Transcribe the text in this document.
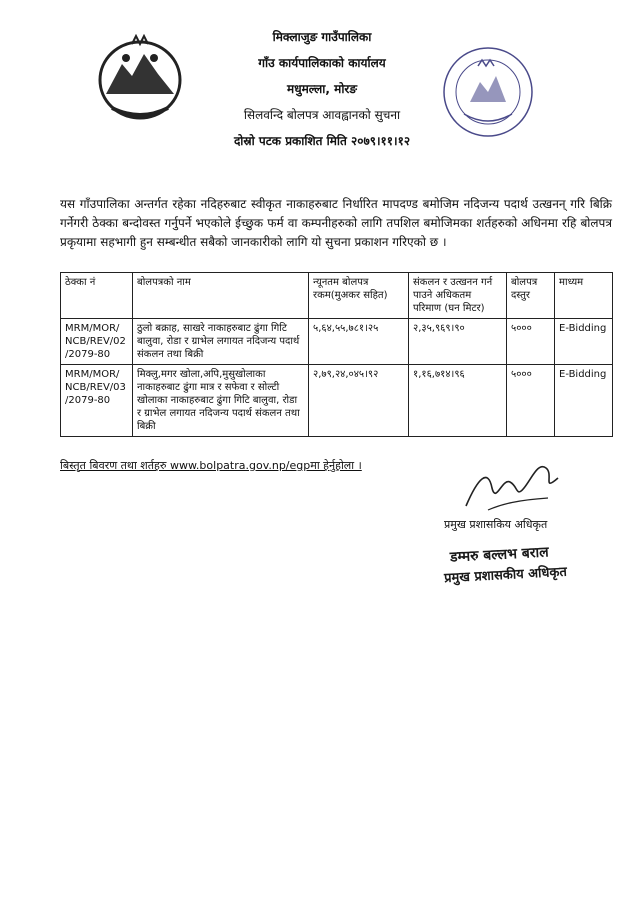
मिक्लाजुङ गाउँपालिका
गाँउ कार्यपालिकाको कार्यालय
मधुमल्ला, मोरङ
सिलवन्दि बोलपत्र आवह्वानको सुचना
दोस्रो पटक प्रकाशित मिति २०७९।११।१२

यस गाँउपालिका अन्तर्गत रहेका नदिहरुबाट स्वीकृत नाकाहरुबाट निर्धारित मापदण्ड बमोजिम नदिजन्य पदार्थ उत्खनन् गरि बिक्रि गर्नेगरी ठेक्का बन्दोवस्त गर्नुपर्ने भएकोले ईच्छुक फर्म वा कम्पनीहरुको लागि तपशिल बमोजिमका शर्तहरुको अधिनमा रहि बोलपत्र प्रकृयामा सहभागी हुन सम्बन्धीत सबैको जानकारीको लागि यो सुचना प्रकाशन गरिएको छ ।

ठेक्का नं	बोलपत्रको नाम	न्यूनतम बोलपत्र रकम(मुअकर सहित)	संकलन र उत्खनन गर्न पाउने अधिकतम परिमाण (घन मिटर)	बोलपत्र दस्तुर	माध्यम
MRM/MOR/ NCB/REV/02 /2079-80	ठुलो बक्राह, साखरे नाकाहरुबाट ढुंगा गिटि बालुवा, रोडा र ग्राभेल लगायत नदिजन्य पदार्थ संकलन तथा बिक्री	५,६४,५५,७८१।२५	२,३५,९६९।९०	५०००	E-Bidding
MRM/MOR/ NCB/REV/03 /2079-80	मिक्लु,मगर खोला,अपि,मुसुखोलाका नाकाहरुबाट ढुंगा मात्र र सफेवा र सोल्टी खोलाका नाकाहरुबाट ढुंगा गिटि बालुवा, रोडा र ग्राभेल लगायत नदिजन्य पदार्थ संकलन तथा बिक्री	२,७९,२४,०४५।९२	१,१६,७१४।९६	५०००	E-Bidding
बिस्तृत बिवरण तथा शर्तहरु www.bolpatra.gov.np/egpमा हेर्नुहोला ।
प्रमुख प्रशासकिय अधिकृत
डम्मरु बल्लभ बराल
प्रमुख प्रशासकीय अधिकृत
